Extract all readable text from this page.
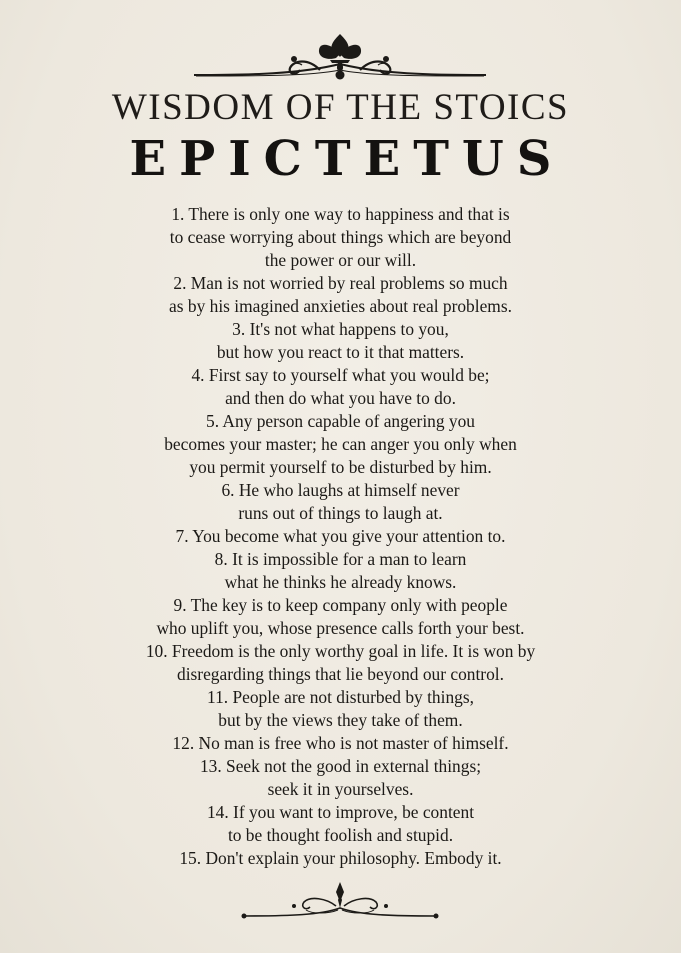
WISDOM OF THE STOICS
EPICTETUS
1. There is only one way to happiness and that is
to cease worrying about things which are beyond
the power or our will.
2. Man is not worried by real problems so much
as by his imagined anxieties about real problems.
3. It's not what happens to you,
but how you react to it that matters.
4. First say to yourself what you would be;
and then do what you have to do.
5. Any person capable of angering you
becomes your master; he can anger you only when
you permit yourself to be disturbed by him.
6. He who laughs at himself never
runs out of things to laugh at.
7. You become what you give your attention to.
8. It is impossible for a man to learn
what he thinks he already knows.
9. The key is to keep company only with people
who uplift you, whose presence calls forth your best.
10. Freedom is the only worthy goal in life. It is won by
disregarding things that lie beyond our control.
11. People are not disturbed by things,
but by the views they take of them.
12. No man is free who is not master of himself.
13. Seek not the good in external things;
seek it in yourselves.
14. If you want to improve, be content
to be thought foolish and stupid.
15. Don't explain your philosophy. Embody it.
